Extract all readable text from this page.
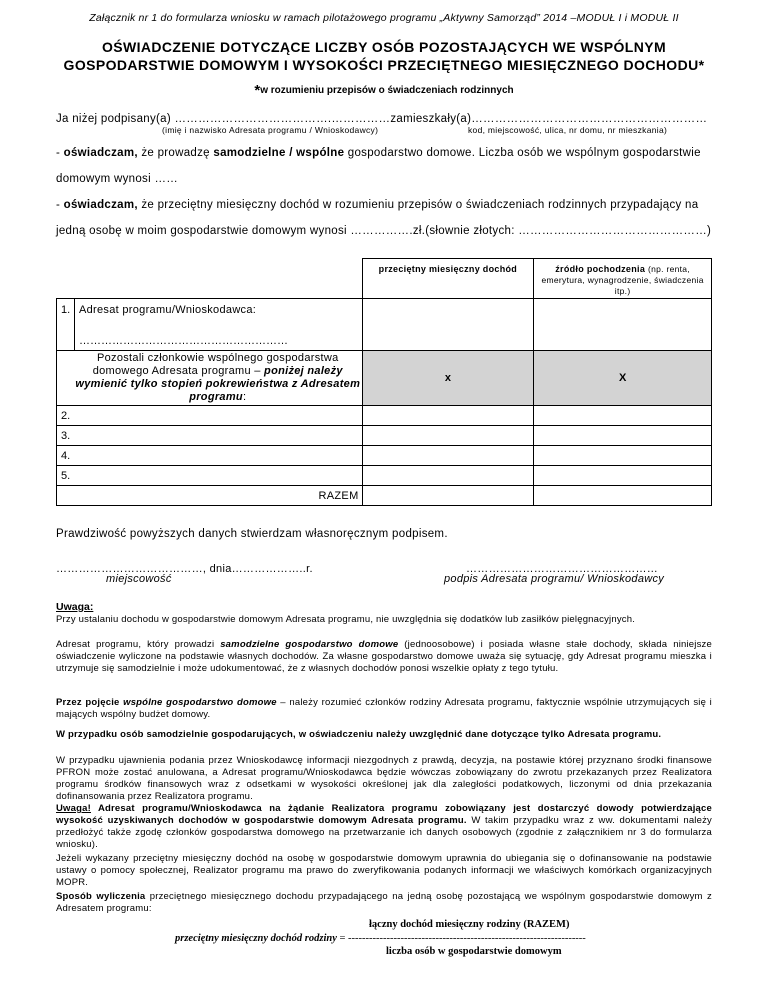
Załącznik nr 1 do formularza wniosku w ramach pilotażowego programu „Aktywny Samorząd” 2014 –MODUŁ I i MODUŁ II
OŚWIADCZENIE DOTYCZĄCE LICZBY OSÓB POZOSTAJĄCYCH WE WSPÓLNYM
GOSPODARSTWIE DOMOWYM I WYSOKOŚCI PRZECIĘTNEGO MIESIĘCZNEGO DOCHODU*
*w rozumieniu przepisów o świadczeniach rodzinnych
Ja niżej podpisany(a) ………………………………….……………zamieszkały(a)……………………………………………………
(imię i nazwisko Adresata programu / Wnioskodawcy)	kod, miejscowość, ulica, nr domu, nr mieszkania)
- oświadczam, że prowadzę samodzielne / wspólne gospodarstwo domowe. Liczba osób we wspólnym gospodarstwie
domowym wynosi ……
- oświadczam, że przeciętny miesięczny dochód w rozumieniu przepisów o świadczeniach rodzinnych przypadający na
jedną osobę w moim gospodarstwie domowym wynosi …………….zł.(słownie złotych: …………………………………………)
	przeciętny miesięczny dochód	źródło pochodzenia (np. renta,
emerytura, wynagrodzenie, świadczenia itp.)

1. Adresat programu/Wnioskodawca:
…………………………………………………		

Pozostali członkowie wspólnego gospodarstwa
domowego Adresata programu – poniżej należy
wymienić tylko stopień pokrewieństwa z Adresatem
programu:	x	X
2.		
3.		
4.		
5.		
RAZEM		
Prawdziwość powyższych danych stwierdzam własnoręcznym podpisem.
…………………………………, dnia………………..r.
miejscowość
……………………………………………
podpis Adresata programu/ Wnioskodawcy
Uwaga:
Przy ustalaniu dochodu w gospodarstwie domowym Adresata programu, nie uwzględnia się dodatków lub zasiłków pielęgnacyjnych.
Adresat programu, który prowadzi samodzielne gospodarstwo domowe (jednoosobowe) i posiada własne stałe dochody, składa niniejsze oświadczenie wyliczone na podstawie własnych dochodów. Za własne gospodarstwo domowe uważa się sytuację, gdy Adresat programu mieszka i utrzymuje się samodzielnie i może udokumentować, że z własnych dochodów ponosi wszelkie opłaty z tego tytułu.
Przez pojęcie wspólne gospodarstwo domowe – należy rozumieć członków rodziny Adresata programu, faktycznie wspólnie utrzymujących się i mających wspólny budżet domowy.
W przypadku osób samodzielnie gospodarujących, w oświadczeniu należy uwzględnić dane dotyczące tylko Adresata programu.
W przypadku ujawnienia podania przez Wnioskodawcę informacji niezgodnych z prawdą, decyzja, na postawie której przyznano środki finansowe PFRON może zostać anulowana, a Adresat programu/Wnioskodawca będzie wówczas zobowiązany do zwrotu przekazanych przez Realizatora programu środków finansowych wraz z odsetkami w wysokości określonej jak dla zaległości podatkowych, liczonymi od dnia przekazania dofinansowania przez Realizatora programu.
Uwaga! Adresat programu/Wnioskodawca na żądanie Realizatora programu zobowiązany jest dostarczyć dowody potwierdzające wysokość uzyskiwanych dochodów w gospodarstwie domowym Adresata programu. W takim przypadku wraz z ww. dokumentami należy przedłożyć także zgodę członków gospodarstwa domowego na przetwarzanie ich danych osobowych (zgodnie z załącznikiem nr 3 do formularza wniosku).
Jeżeli wykazany przeciętny miesięczny dochód na osobę w gospodarstwie domowym uprawnia do ubiegania się o dofinansowanie na podstawie ustawy o pomocy społecznej, Realizator programu ma prawo do zweryfikowania podanych informacji we właściwych komórkach organizacyjnych MOPR.
Sposób wyliczenia przeciętnego miesięcznego dochodu przypadającego na jedną osobę pozostającą we wspólnym gospodarstwie domowym z Adresatem programu:
łączny dochód miesięczny rodziny (RAZEM)
przeciętny miesięczny dochód rodziny = --------------------------------------------------------------------
liczba osób w gospodarstwie domowym
